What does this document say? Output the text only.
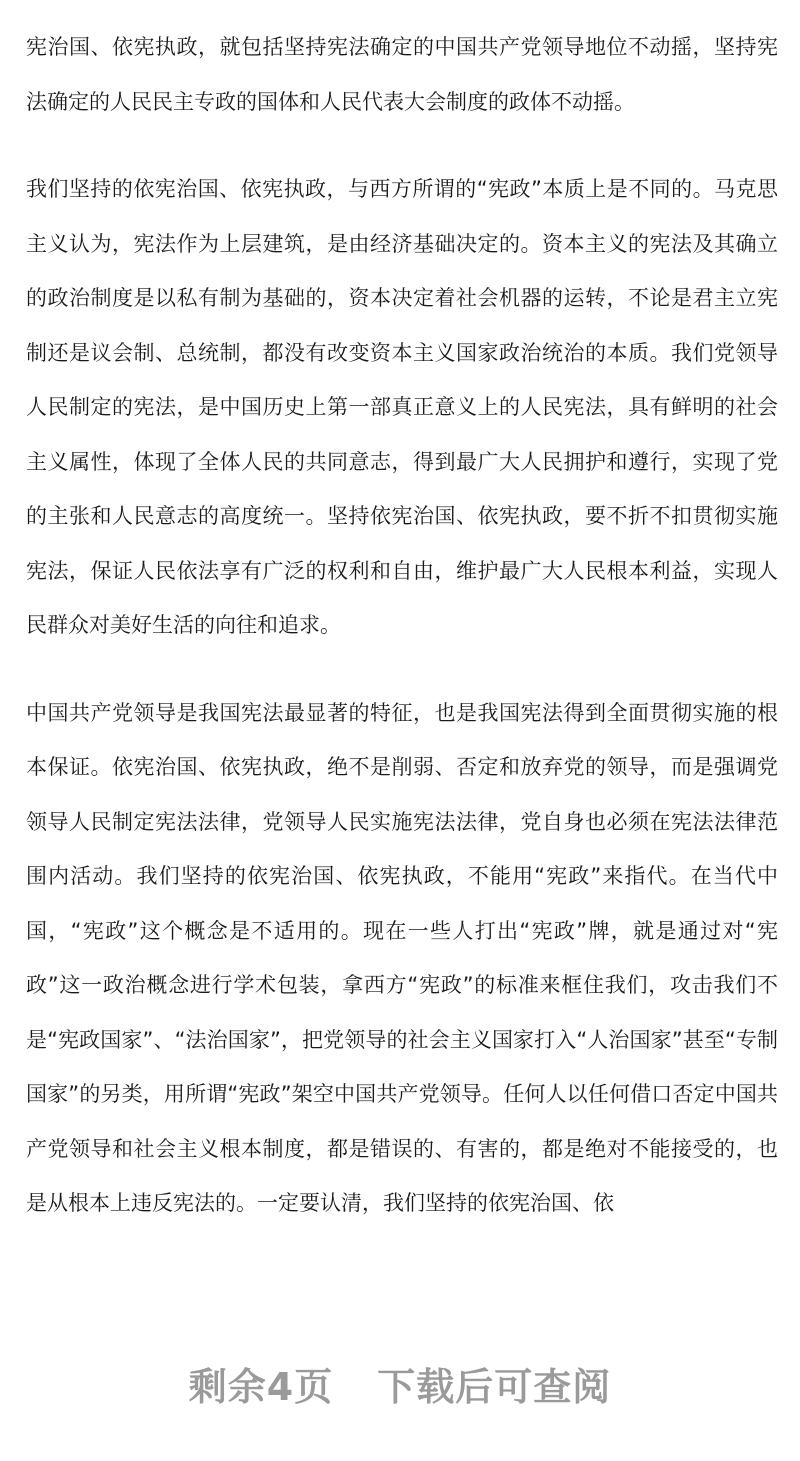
宪治国、依宪执政，就包括坚持宪法确定的中国共产党领导地位不动摇，坚持宪法确定的人民民主专政的国体和人民代表大会制度的政体不动摇。

我们坚持的依宪治国、依宪执政，与西方所谓的“宪政”本质上是不同的。马克思主义认为，宪法作为上层建筑，是由经济基础决定的。资本主义的宪法及其确立的政治制度是以私有制为基础的，资本决定着社会机器的运转，不论是君主立宪制还是议会制、总统制，都没有改变资本主义国家政治统治的本质。我们党领导人民制定的宪法，是中国历史上第一部真正意义上的人民宪法，具有鲜明的社会主义属性，体现了全体人民的共同意志，得到最广大人民拥护和遵行，实现了党的主张和人民意志的高度统一。坚持依宪治国、依宪执政，要不折不扣贯彻实施宪法，保证人民依法享有广泛的权利和自由，维护最广大人民根本利益，实现人民群众对美好生活的向往和追求。

中国共产党领导是我国宪法最显著的特征，也是我国宪法得到全面贯彻实施的根本保证。依宪治国、依宪执政，绝不是削弱、否定和放弃党的领导，而是强调党领导人民制定宪法法律，党领导人民实施宪法法律，党自身也必须在宪法法律范围内活动。我们坚持的依宪治国、依宪执政，不能用“宪政”来指代。在当代中国，“宪政”这个概念是不适用的。现在一些人打出“宪政”牌，就是通过对“宪政”这一政治概念进行学术包装，拿西方“宪政”的标准来框住我们，攻击我们不是“宪政国家”、“法治国家”，把党领导的社会主义国家打入“人治国家”甚至“专制国家”的另类，用所谓“宪政”架空中国共产党领导。任何人以任何借口否定中国共产党领导和社会主义根本制度，都是错误的、有害的，都是绝对不能接受的，也是从根本上违反宪法的。一定要认清，我们坚持的依宪治国、依

剩余4页 下载后可查阅
